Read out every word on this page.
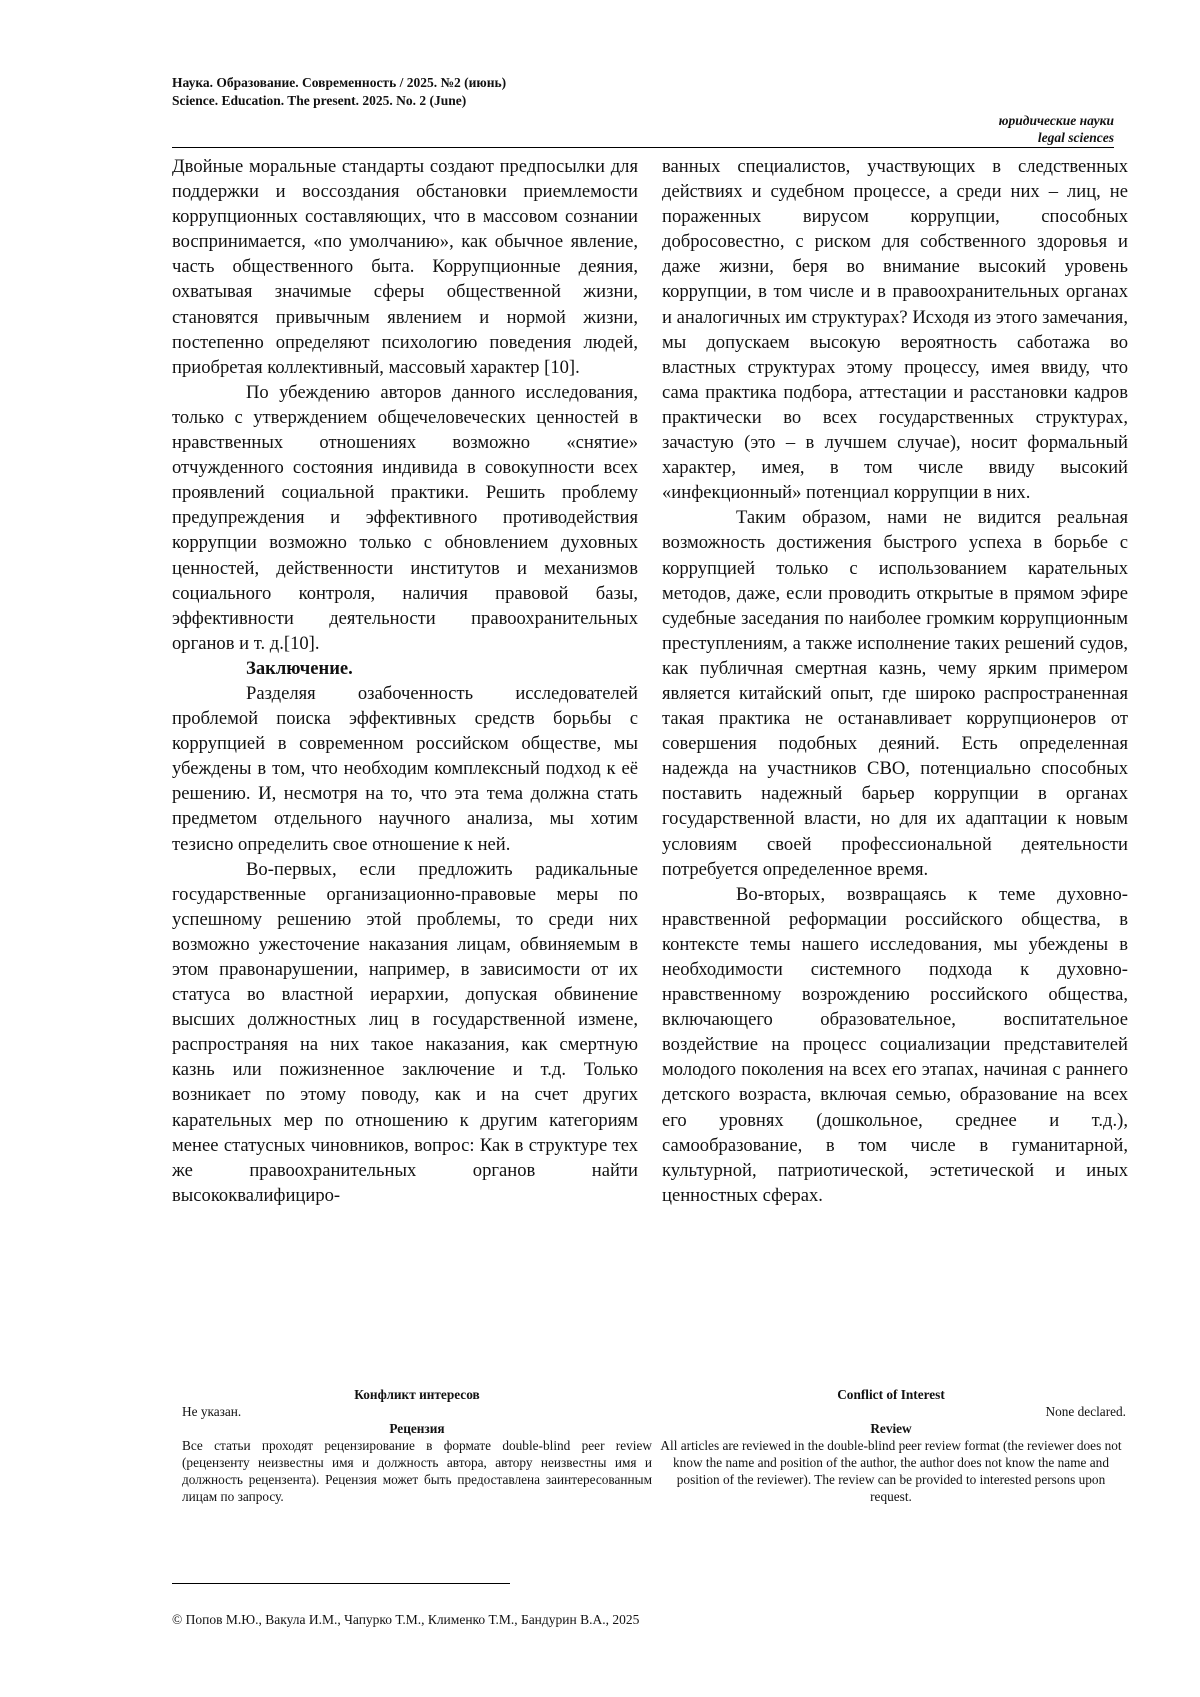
Наука. Образование. Современность / 2025. №2 (июнь)
Science. Education. The present. 2025. No. 2 (June)
юридические науки
legal sciences

Двойные моральные стандарты создают предпосылки для поддержки и воссоздания обстановки приемлемости коррупционных составляющих, что в массовом сознании воспринимается, «по умолчанию», как обычное явление, часть общественного быта. Коррупционные деяния, охватывая значимые сферы общественной жизни, становятся привычным явлением и нормой жизни, постепенно определяют психологию поведения людей, приобретая коллективный, массовый характер [10].

По убеждению авторов данного исследования, только с утверждением общечеловеческих ценностей в нравственных отношениях возможно «снятие» отчужденного состояния индивида в совокупности всех проявлений социальной практики. Решить проблему предупреждения и эффективного противодействия коррупции возможно только с обновлением духовных ценностей, действенности институтов и механизмов социального контроля, наличия правовой базы, эффективности деятельности правоохранительных органов и т. д.[10].

Заключение.

Разделяя озабоченность исследователей проблемой поиска эффективных средств борьбы с коррупцией в современном российском обществе, мы убеждены в том, что необходим комплексный подход к её решению. И, несмотря на то, что эта тема должна стать предметом отдельного научного анализа, мы хотим тезисно определить свое отношение к ней.

Во-первых, если предложить радикальные государственные организационно-правовые меры по успешному решению этой проблемы, то среди них возможно ужесточение наказания лицам, обвиняемым в этом правонарушении, например, в зависимости от их статуса во властной иерархии, допуская обвинение высших должностных лиц в государственной измене, распространяя на них такое наказания, как смертную казнь или пожизненное заключение и т.д. Только возникает по этому поводу, как и на счет других карательных мер по отношению к другим категориям менее статусных чиновников, вопрос: Как в структуре тех же правоохранительных органов найти высококвалифициро-

ванных специалистов, участвующих в следственных действиях и судебном процессе, а среди них – лиц, не пораженных вирусом коррупции, способных добросовестно, с риском для собственного здоровья и даже жизни, беря во внимание высокий уровень коррупции, в том числе и в правоохранительных органах и аналогичных им структурах? Исходя из этого замечания, мы допускаем высокую вероятность саботажа во властных структурах этому процессу, имея ввиду, что сама практика подбора, аттестации и расстановки кадров практически во всех государственных структурах, зачастую (это – в лучшем случае), носит формальный характер, имея, в том числе ввиду высокий «инфекционный» потенциал коррупции в них.

Таким образом, нами не видится реальная возможность достижения быстрого успеха в борьбе с коррупцией только с использованием карательных методов, даже, если проводить открытые в прямом эфире судебные заседания по наиболее громким коррупционным преступлениям, а также исполнение таких решений судов, как публичная смертная казнь, чему ярким примером является китайский опыт, где широко распространенная такая практика не останавливает коррупционеров от совершения подобных деяний. Есть определенная надежда на участников СВО, потенциально способных поставить надежный барьер коррупции в органах государственной власти, но для их адаптации к новым условиям своей профессиональной деятельности потребуется определенное время.

Во-вторых, возвращаясь к теме духовно-нравственной реформации российского общества, в контексте темы нашего исследования, мы убеждены в необходимости системного подхода к духовно-нравственному возрождению российского общества, включающего образовательное, воспитательное воздействие на процесс социализации представителей молодого поколения на всех его этапах, начиная с раннего детского возраста, включая семью, образование на всех его уровнях (дошкольное, среднее и т.д.), самообразование, в том числе в гуманитарной, культурной, патриотической, эстетической и иных ценностных сферах.

Конфликт интересов
Не указан.
Рецензия
Все статьи проходят рецензирование в формате double-blind peer review (рецензенту неизвестны имя и должность автора, автору неизвестны имя и должность рецензента). Рецензия может быть предоставлена заинтересованным лицам по запросу.
Conflict of Interest
None declared.
Review
All articles are reviewed in the double-blind peer review format (the reviewer does not know the name and position of the author, the author does not know the name and position of the reviewer). The review can be provided to interested persons upon request.
© Попов М.Ю., Вакула И.М., Чапурко Т.М., Клименко Т.М., Бандурин В.А., 2025
